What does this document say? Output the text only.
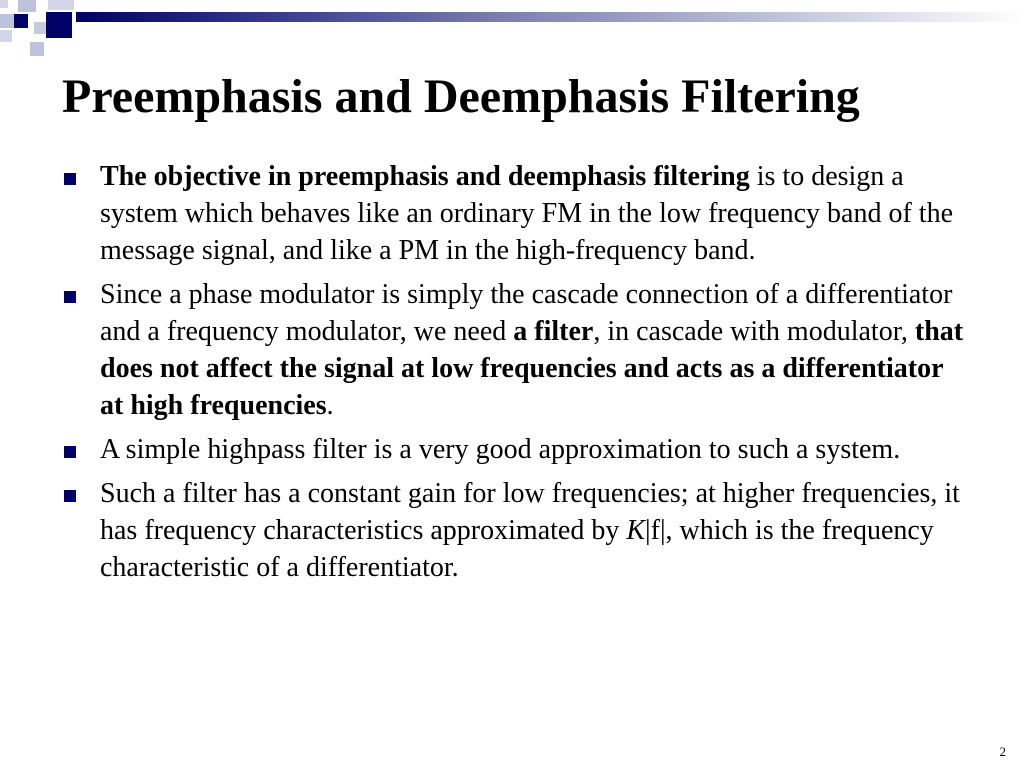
Preemphasis and Deemphasis Filtering
The objective in preemphasis and deemphasis filtering is to design a system which behaves like an ordinary FM in the low frequency band of the message signal, and like a PM in the high-frequency band.
Since a phase modulator is simply the cascade connection of a differentiator and a frequency modulator, we need a filter, in cascade with modulator, that does not affect the signal at low frequencies and acts as a differentiator at high frequencies.
A simple highpass filter is a very good approximation to such a system.
Such a filter has a constant gain for low frequencies; at higher frequencies, it has frequency characteristics approximated by K|f|, which is the frequency characteristic of a differentiator.
2
